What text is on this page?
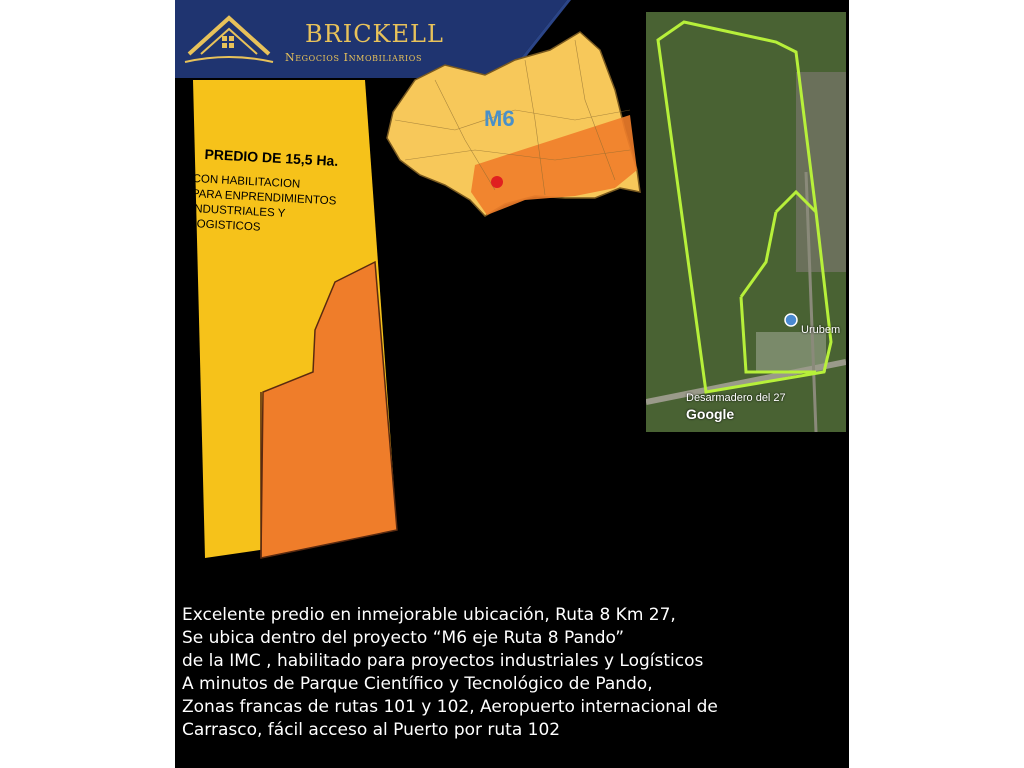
BRICKELL
Negocios Inmobiliarios
PREDIO DE 15,5 Ha.
CON HABILITACION
PARA ENPRENDIMIENTOS
INDUSTRIALES Y
LOGISTICOS
M6
Urubem
Desarmadero del 27
Google
Excelente predio en inmejorable ubicación, Ruta 8 Km 27,
Se ubica dentro del proyecto “M6 eje Ruta 8 Pando”
de la IMC , habilitado para proyectos industriales y Logísticos
A minutos de Parque Científico y Tecnológico de Pando,
Zonas francas de rutas 101 y 102, Aeropuerto internacional de
Carrasco, fácil acceso al Puerto por ruta 102
